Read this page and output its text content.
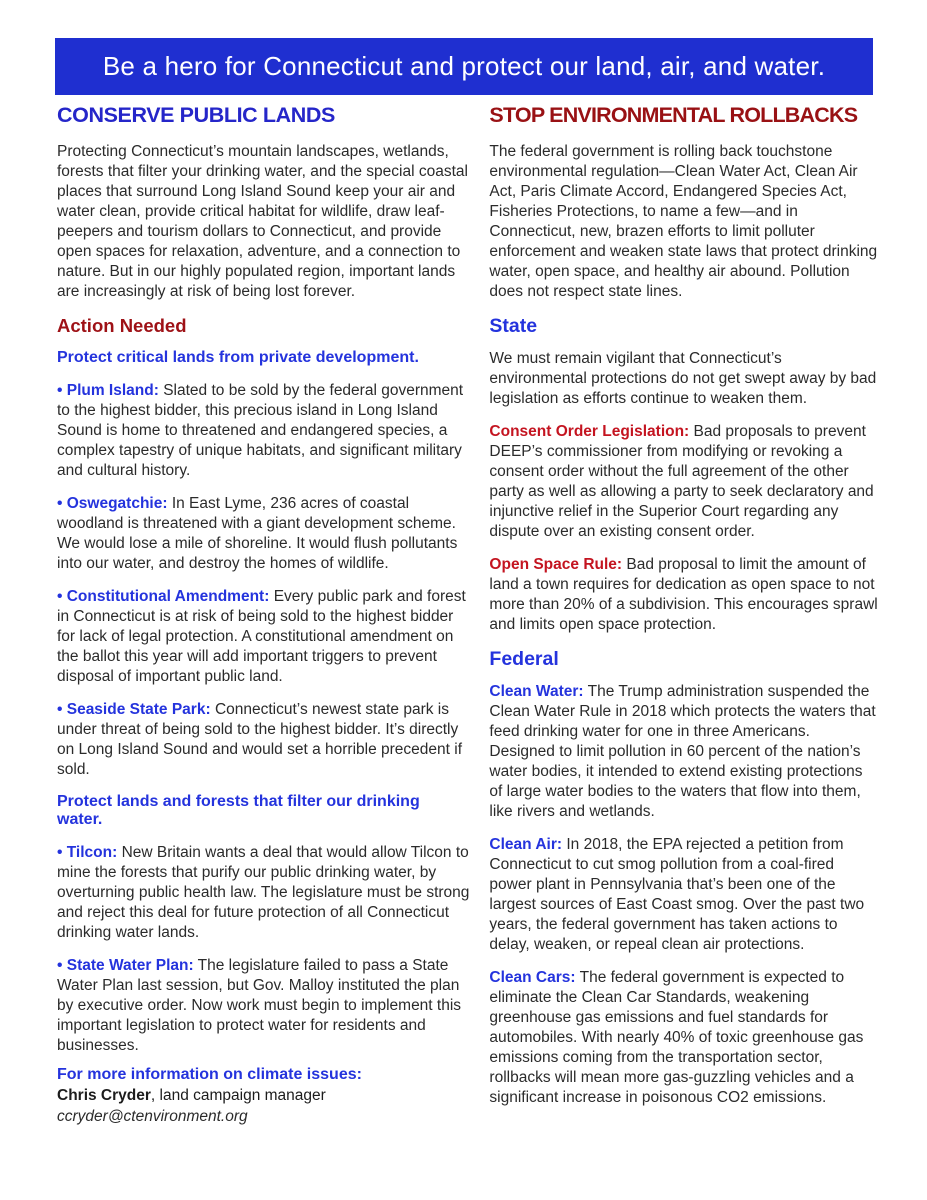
Be a hero for Connecticut and protect our land, air, and water.
CONSERVE PUBLIC LANDS

Protecting Connecticut’s mountain landscapes, wetlands, forests that filter your drinking water, and the special coastal places that surround Long Island Sound keep your air and water clean, provide critical habitat for wildlife, draw leaf-peepers and tourism dollars to Connecticut, and provide open spaces for relaxation, adventure, and a connection to nature. But in our highly populated region, important lands are increasingly at risk of being lost forever.

Action Needed
Protect critical lands from private development.

• Plum Island: Slated to be sold by the federal government to the highest bidder, this precious island in Long Island Sound is home to threatened and endangered species, a complex tapestry of unique habitats, and significant military and cultural history.

• Oswegatchie: In East Lyme, 236 acres of coastal woodland is threatened with a giant development scheme. We would lose a mile of shoreline. It would flush pollutants into our water, and destroy the homes of wildlife.

• Constitutional Amendment: Every public park and forest in Connecticut is at risk of being sold to the highest bidder for lack of legal protection. A constitutional amendment on the ballot this year will add important triggers to prevent disposal of important public land.

• Seaside State Park: Connecticut’s newest state park is under threat of being sold to the highest bidder. It’s directly on Long Island Sound and would set a horrible precedent if sold.

Protect lands and forests that filter our drinking water.

• Tilcon: New Britain wants a deal that would allow Tilcon to mine the forests that purify our public drinking water, by overturning public health law. The legislature must be strong and reject this deal for future protection of all Connecticut drinking water lands.

• State Water Plan: The legislature failed to pass a State Water Plan last session, but Gov. Malloy instituted the plan by executive order. Now work must begin to implement this important legislation to protect water for residents and businesses.

For more information on climate issues:
Chris Cryder, land campaign manager
ccryder@ctenvironment.org
STOP ENVIRONMENTAL ROLLBACKS

The federal government is rolling back touchstone environmental regulation—Clean Water Act, Clean Air Act, Paris Climate Accord, Endangered Species Act, Fisheries Protections, to name a few—and in Connecticut, new, brazen efforts to limit polluter enforcement and weaken state laws that protect drinking water, open space, and healthy air abound. Pollution does not respect state lines.

State

We must remain vigilant that Connecticut’s environmental protections do not get swept away by bad legislation as efforts continue to weaken them.

Consent Order Legislation: Bad proposals to prevent DEEP’s commissioner from modifying or revoking a consent order without the full agreement of the other party as well as allowing a party to seek declaratory and injunctive relief in the Superior Court regarding any dispute over an existing consent order.

Open Space Rule: Bad proposal to limit the amount of land a town requires for dedication as open space to not more than 20% of a subdivision. This encourages sprawl and limits open space protection.

Federal

Clean Water: The Trump administration suspended the Clean Water Rule in 2018 which protects the waters that feed drinking water for one in three Americans. Designed to limit pollution in 60 percent of the nation’s water bodies, it intended to extend existing protections of large water bodies to the waters that flow into them, like rivers and wetlands.

Clean Air: In 2018, the EPA rejected a petition from Connecticut to cut smog pollution from a coal-fired power plant in Pennsylvania that’s been one of the largest sources of East Coast smog. Over the past two years, the federal government has taken actions to delay, weaken, or repeal clean air protections.

Clean Cars: The federal government is expected to eliminate the Clean Car Standards, weakening greenhouse gas emissions and fuel standards for automobiles. With nearly 40% of toxic greenhouse gas emissions coming from the transportation sector, rollbacks will mean more gas-guzzling vehicles and a significant increase in poisonous CO2 emissions.
